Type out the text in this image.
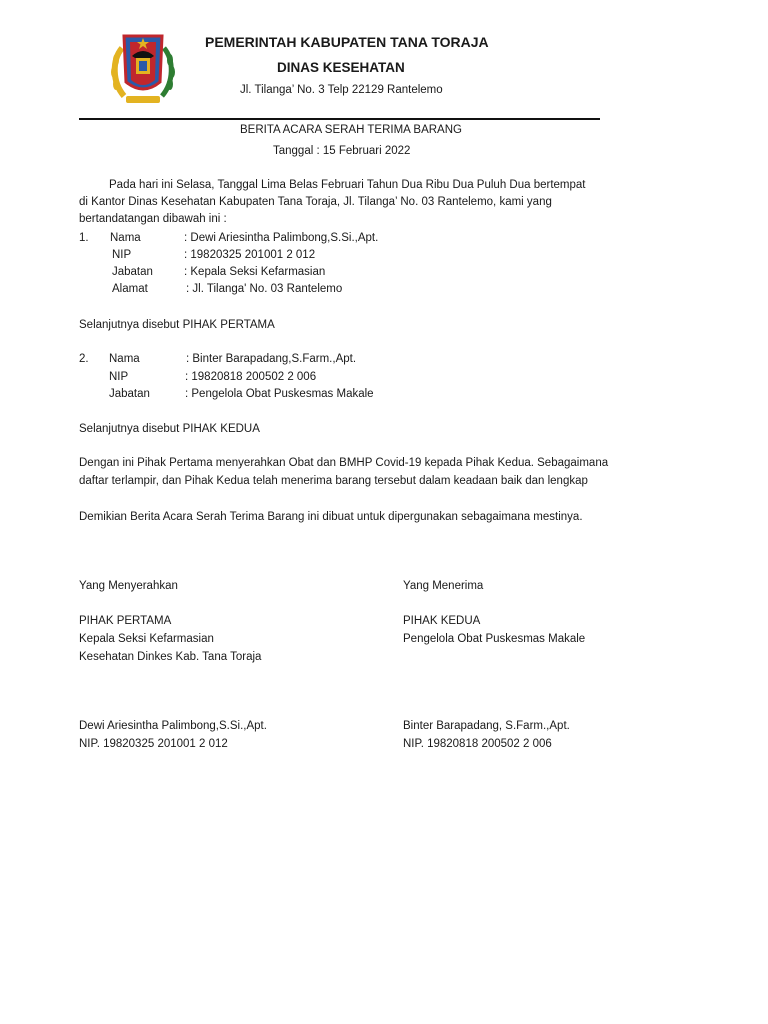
PEMERINTAH KABUPATEN TANA TORAJA
DINAS KESEHATAN
Jl. Tilanga’ No. 3 Telp 22129 Rantelemo
BERITA ACARA SERAH TERIMA BARANG
Tanggal : 15 Februari 2022
Pada hari ini Selasa, Tanggal Lima Belas Februari Tahun Dua Ribu Dua Puluh Dua bertempat
di Kantor Dinas Kesehatan Kabupaten Tana Toraja, Jl. Tilanga’ No. 03 Rantelemo, kami yang
bertandatangan dibawah ini :
1. Nama	: Dewi Ariesintha Palimbong,S.Si.,Apt.
NIP	: 19820325 201001 2 012
Jabatan	: Kepala Seksi Kefarmasian
Alamat	: Jl. Tilanga' No. 03 Rantelemo
Selanjutnya disebut PIHAK PERTAMA
2. Nama	: Binter Barapadang,S.Farm.,Apt.
NIP	: 19820818 200502 2 006
Jabatan	: Pengelola Obat Puskesmas Makale
Selanjutnya disebut PIHAK KEDUA
Dengan ini Pihak Pertama menyerahkan Obat dan BMHP Covid-19 kepada Pihak Kedua. Sebagaimana
daftar terlampir, dan Pihak Kedua telah menerima barang tersebut dalam keadaan baik dan lengkap
Demikian Berita Acara Serah Terima Barang ini dibuat untuk dipergunakan sebagaimana mestinya.
Yang Menyerahkan
PIHAK PERTAMA
Kepala Seksi Kefarmasian
Kesehatan Dinkes Kab. Tana Toraja
Dewi Ariesintha Palimbong,S.Si.,Apt.
NIP. 19820325 201001 2 012
Yang Menerima
PIHAK KEDUA
Pengelola Obat Puskesmas Makale
Binter Barapadang, S.Farm.,Apt.
NIP. 19820818 200502 2 006
